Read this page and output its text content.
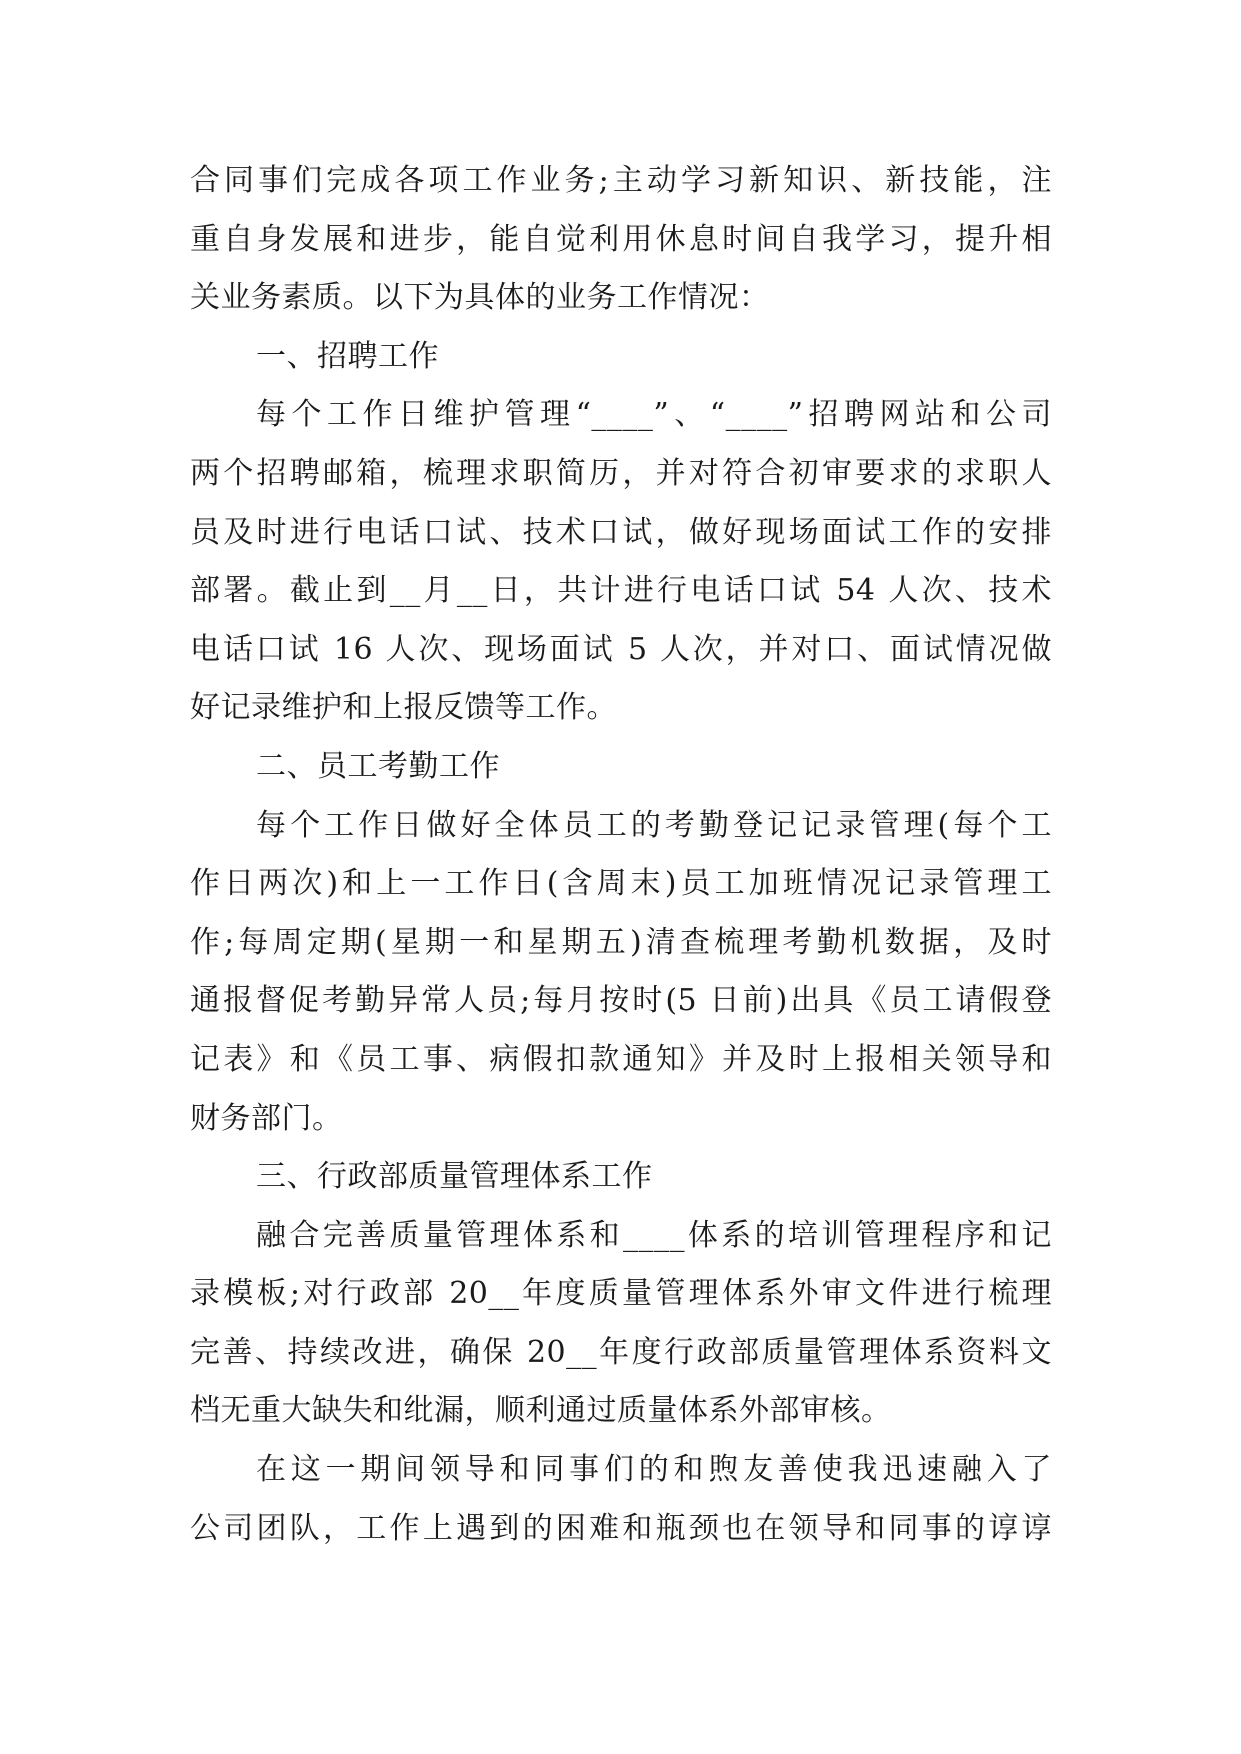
合同事们完成各项工作业务;主动学习新知识、新技能，注
重自身发展和进步，能自觉利用休息时间自我学习，提升相
关业务素质。以下为具体的业务工作情况：
一、招聘工作
每个工作日维护管理“____”、“____”招聘网站和公司
两个招聘邮箱，梳理求职简历，并对符合初审要求的求职人
员及时进行电话口试、技术口试，做好现场面试工作的安排
部署。截止到__月__日，共计进行电话口试 54 人次、技术
电话口试 16 人次、现场面试 5 人次，并对口、面试情况做
好记录维护和上报反馈等工作。
二、员工考勤工作
每个工作日做好全体员工的考勤登记记录管理(每个工
作日两次)和上一工作日(含周末)员工加班情况记录管理工
作;每周定期(星期一和星期五)清查梳理考勤机数据，及时
通报督促考勤异常人员;每月按时(5 日前)出具《员工请假登
记表》和《员工事、病假扣款通知》并及时上报相关领导和
财务部门。
三、行政部质量管理体系工作
融合完善质量管理体系和____体系的培训管理程序和记
录模板;对行政部 20__年度质量管理体系外审文件进行梳理
完善、持续改进，确保 20__年度行政部质量管理体系资料文
档无重大缺失和纰漏，顺利通过质量体系外部审核。
在这一期间领导和同事们的和煦友善使我迅速融入了
公司团队，工作上遇到的困难和瓶颈也在领导和同事的谆谆
